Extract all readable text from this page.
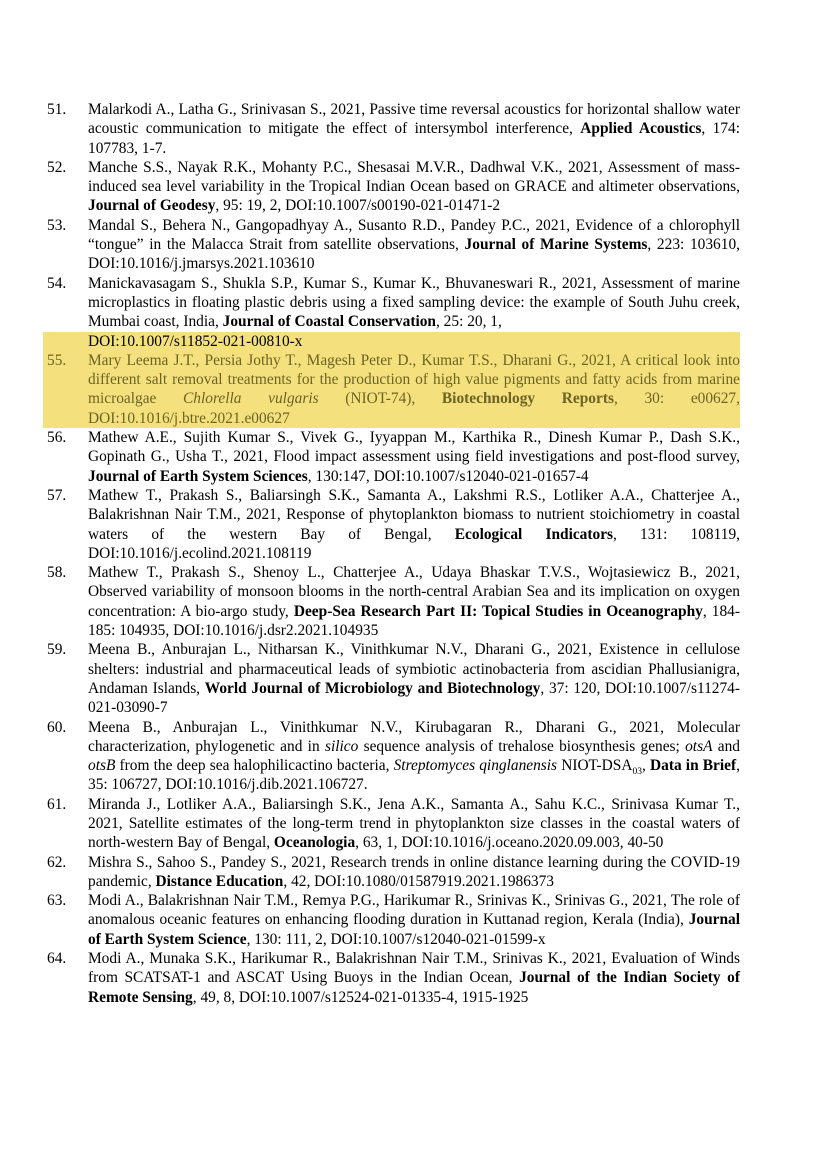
51.	Malarkodi A., Latha G., Srinivasan S., 2021, Passive time reversal acoustics for horizontal shallow water acoustic communication to mitigate the effect of intersymbol interference, Applied Acoustics, 174: 107783, 1-7.
52.	Manche S.S., Nayak R.K., Mohanty P.C., Shesasai M.V.R., Dadhwal V.K., 2021, Assessment of mass-induced sea level variability in the Tropical Indian Ocean based on GRACE and altimeter observations, Journal of Geodesy, 95: 19, 2, DOI:10.1007/s00190-021-01471-2
53.	Mandal S., Behera N., Gangopadhyay A., Susanto R.D., Pandey P.C., 2021, Evidence of a chlorophyll “tongue” in the Malacca Strait from satellite observations, Journal of Marine Systems, 223: 103610, DOI:10.1016/j.jmarsys.2021.103610
54.	Manickavasagam S., Shukla S.P., Kumar S., Kumar K., Bhuvaneswari R., 2021, Assessment of marine microplastics in floating plastic debris using a fixed sampling device: the example of South Juhu creek, Mumbai coast, India, Journal of Coastal Conservation, 25: 20, 1,
DOI:10.1007/s11852-021-00810-x
55.	Mary Leema J.T., Persia Jothy T., Magesh Peter D., Kumar T.S., Dharani G., 2021, A critical look into different salt removal treatments for the production of high value pigments and fatty acids from marine microalgae Chlorella vulgaris (NIOT-74), Biotechnology Reports, 30: e00627, DOI:10.1016/j.btre.2021.e00627
56.	Mathew A.E., Sujith Kumar S., Vivek G., Iyyappan M., Karthika R., Dinesh Kumar P., Dash S.K., Gopinath G., Usha T., 2021, Flood impact assessment using field investigations and post-flood survey, Journal of Earth System Sciences, 130:147, DOI:10.1007/s12040-021-01657-4
57.	Mathew T., Prakash S., Baliarsingh S.K., Samanta A., Lakshmi R.S., Lotliker A.A., Chatterjee A., Balakrishnan Nair T.M., 2021, Response of phytoplankton biomass to nutrient stoichiometry in coastal waters of the western Bay of Bengal, Ecological Indicators, 131: 108119, DOI:10.1016/j.ecolind.2021.108119
58.	Mathew T., Prakash S., Shenoy L., Chatterjee A., Udaya Bhaskar T.V.S., Wojtasiewicz B., 2021, Observed variability of monsoon blooms in the north-central Arabian Sea and its implication on oxygen concentration: A bio-argo study, Deep-Sea Research Part II: Topical Studies in Oceanography, 184-185: 104935, DOI:10.1016/j.dsr2.2021.104935
59.	Meena B., Anburajan L., Nitharsan K., Vinithkumar N.V., Dharani G., 2021, Existence in cellulose shelters: industrial and pharmaceutical leads of symbiotic actinobacteria from ascidian Phallusianigra, Andaman Islands, World Journal of Microbiology and Biotechnology, 37: 120, DOI:10.1007/s11274-021-03090-7
60.	Meena B., Anburajan L., Vinithkumar N.V., Kirubagaran R., Dharani G., 2021, Molecular characterization, phylogenetic and in silico sequence analysis of trehalose biosynthesis genes; otsA and otsB from the deep sea halophilicactino bacteria, Streptomyces qinglanensis NIOT-$DSA_{03}$, Data in Brief, 35: 106727, DOI:10.1016/j.dib.2021.106727.
61.	Miranda J., Lotliker A.A., Baliarsingh S.K., Jena A.K., Samanta A., Sahu K.C., Srinivasa Kumar T., 2021, Satellite estimates of the long-term trend in phytoplankton size classes in the coastal waters of north-western Bay of Bengal, Oceanologia, 63, 1, DOI:10.1016/j.oceano.2020.09.003, 40-50
62.	Mishra S., Sahoo S., Pandey S., 2021, Research trends in online distance learning during the COVID-19 pandemic, Distance Education, 42, DOI:10.1080/01587919.2021.1986373
63.	Modi A., Balakrishnan Nair T.M., Remya P.G., Harikumar R., Srinivas K., Srinivas G., 2021, The role of anomalous oceanic features on enhancing flooding duration in Kuttanad region, Kerala (India), Journal of Earth System Science, 130: 111, 2, DOI:10.1007/s12040-021-01599-x
64.	Modi A., Munaka S.K., Harikumar R., Balakrishnan Nair T.M., Srinivas K., 2021, Evaluation of Winds from SCATSAT-1 and ASCAT Using Buoys in the Indian Ocean, Journal of the Indian Society of Remote Sensing, 49, 8, DOI:10.1007/s12524-021-01335-4, 1915-1925
